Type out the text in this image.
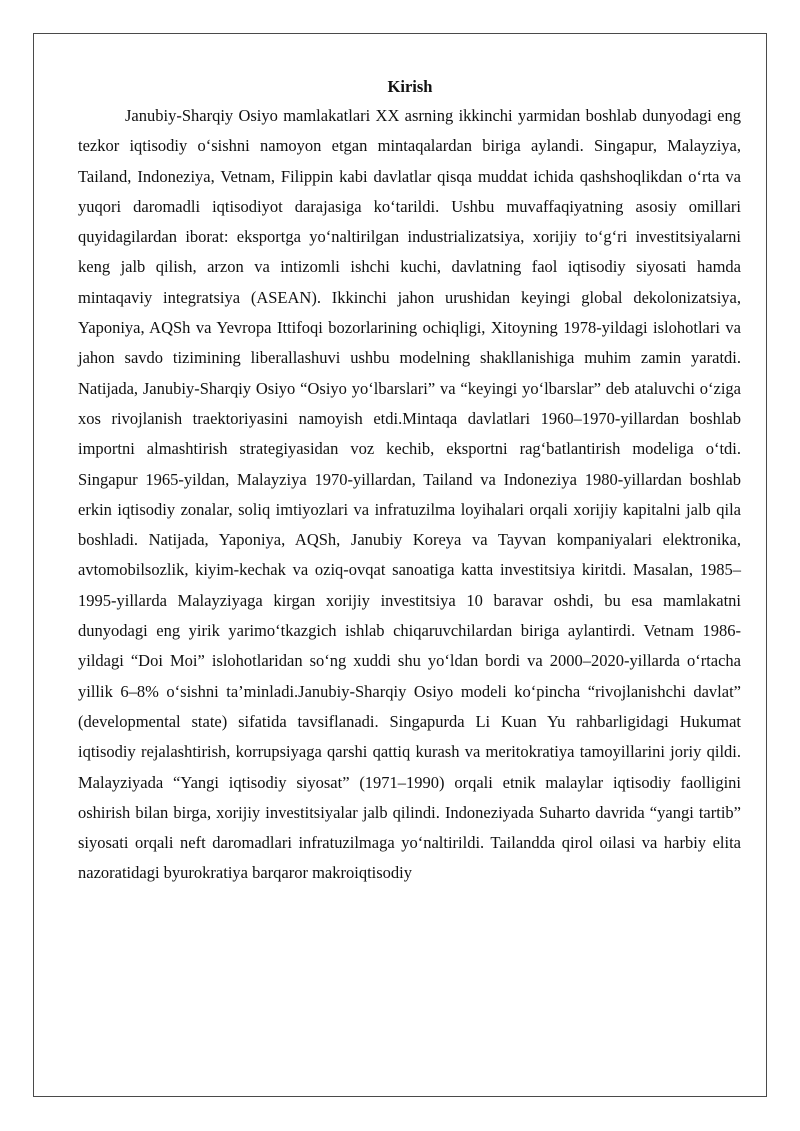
Kirish

Janubiy-Sharqiy Osiyo mamlakatlari XX asrning ikkinchi yarmidan boshlab dunyodagi eng tezkor iqtisodiy o‘sishni namoyon etgan mintaqalardan biriga aylandi. Singapur, Malayziya, Tailand, Indoneziya, Vetnam, Filippin kabi davlatlar qisqa muddat ichida qashshoqlikdan o‘rta va yuqori daromadli iqtisodiyot darajasiga ko‘tarildi. Ushbu muvaffaqiyatning asosiy omillari quyidagilardan iborat: eksportga yo‘naltirilgan industrializatsiya, xorijiy to‘g‘ri investitsiyalarni keng jalb qilish, arzon va intizomli ishchi kuchi, davlatning faol iqtisodiy siyosati hamda mintaqaviy integratsiya (ASEAN). Ikkinchi jahon urushidan keyingi global dekolonizatsiya, Yaponiya, AQSh va Yevropa Ittifoqi bozorlarining ochiqligi, Xitoyning 1978-yildagi islohotlari va jahon savdo tizimining liberallashuvi ushbu modelning shakllanishiga muhim zamin yaratdi. Natijada, Janubiy-Sharqiy Osiyo “Osiyo yo‘lbarslari” va “keyingi yo‘lbarslar” deb ataluvchi o‘ziga xos rivojlanish traektoriyasini namoyish etdi.Mintaqa davlatlari 1960–1970-yillardan boshlab importni almashtirish strategiyasidan voz kechib, eksportni rag‘batlantirish modeliga o‘tdi. Singapur 1965-yildan, Malayziya 1970-yillardan, Tailand va Indoneziya 1980-yillardan boshlab erkin iqtisodiy zonalar, soliq imtiyozlari va infratuzilma loyihalari orqali xorijiy kapitalni jalb qila boshladi. Natijada, Yaponiya, AQSh, Janubiy Koreya va Tayvan kompaniyalari elektronika, avtomobilsozlik, kiyim-kechak va oziq-ovqat sanoatiga katta investitsiya kiritdi. Masalan, 1985–1995-yillarda Malayziyaga kirgan xorijiy investitsiya 10 baravar oshdi, bu esa mamlakatni dunyodagi eng yirik yarimo‘tkazgich ishlab chiqaruvchilardan biriga aylantirdi. Vetnam 1986-yildagi “Doi Moi” islohotlaridan so‘ng xuddi shu yo‘ldan bordi va 2000–2020-yillarda o‘rtacha yillik 6–8% o‘sishni ta’minladi.Janubiy-Sharqiy Osiyo modeli ko‘pincha “rivojlanishchi davlat” (developmental state) sifatida tavsiflanadi. Singapurda Li Kuan Yu rahbarligidagi Hukumat iqtisodiy rejalashtirish, korrupsiyaga qarshi qattiq kurash va meritokratiya tamoyillarini joriy qildi. Malayziyada “Yangi iqtisodiy siyosat” (1971–1990) orqali etnik malaylar iqtisodiy faolligini oshirish bilan birga, xorijiy investitsiyalar jalb qilindi. Indoneziyada Suharto davrida “yangi tartib” siyosati orqali neft daromadlari infratuzilmaga yo‘naltirildi. Tailandda qirol oilasi va harbiy elita nazoratidagi byurokratiya barqaror makroiqtisodiy
